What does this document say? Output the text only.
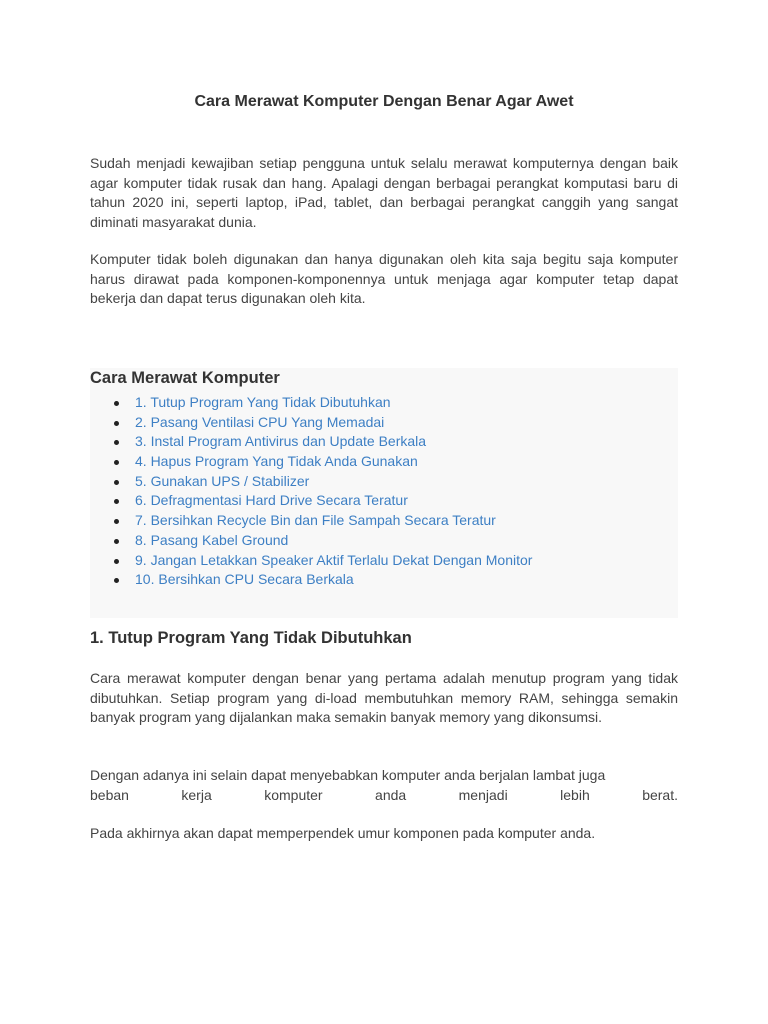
Cara Merawat Komputer Dengan Benar Agar Awet

Sudah menjadi kewajiban setiap pengguna untuk selalu merawat komputernya dengan baik agar komputer tidak rusak dan hang. Apalagi dengan berbagai perangkat komputasi baru di tahun 2020 ini, seperti laptop, iPad, tablet, dan berbagai perangkat canggih yang sangat diminati masyarakat dunia.

Komputer tidak boleh digunakan dan hanya digunakan oleh kita saja begitu saja komputer harus dirawat pada komponen-komponennya untuk menjaga agar komputer tetap dapat bekerja dan dapat terus digunakan oleh kita.

Cara Merawat Komputer
1. Tutup Program Yang Tidak Dibutuhkan
2. Pasang Ventilasi CPU Yang Memadai
3. Instal Program Antivirus dan Update Berkala
4. Hapus Program Yang Tidak Anda Gunakan
5. Gunakan UPS / Stabilizer
6. Defragmentasi Hard Drive Secara Teratur
7. Bersihkan Recycle Bin dan File Sampah Secara Teratur
8. Pasang Kabel Ground
9. Jangan Letakkan Speaker Aktif Terlalu Dekat Dengan Monitor
10. Bersihkan CPU Secara Berkala
1. Tutup Program Yang Tidak Dibutuhkan

Cara merawat komputer dengan benar yang pertama adalah menutup program yang tidak dibutuhkan. Setiap program yang di-load membutuhkan memory RAM, sehingga semakin banyak program yang dijalankan maka semakin banyak memory yang dikonsumsi.

Dengan adanya ini selain dapat menyebabkan komputer anda berjalan lambat juga
beban kerja komputer anda menjadi lebih berat.

Pada akhirnya akan dapat memperpendek umur komponen pada komputer anda.
